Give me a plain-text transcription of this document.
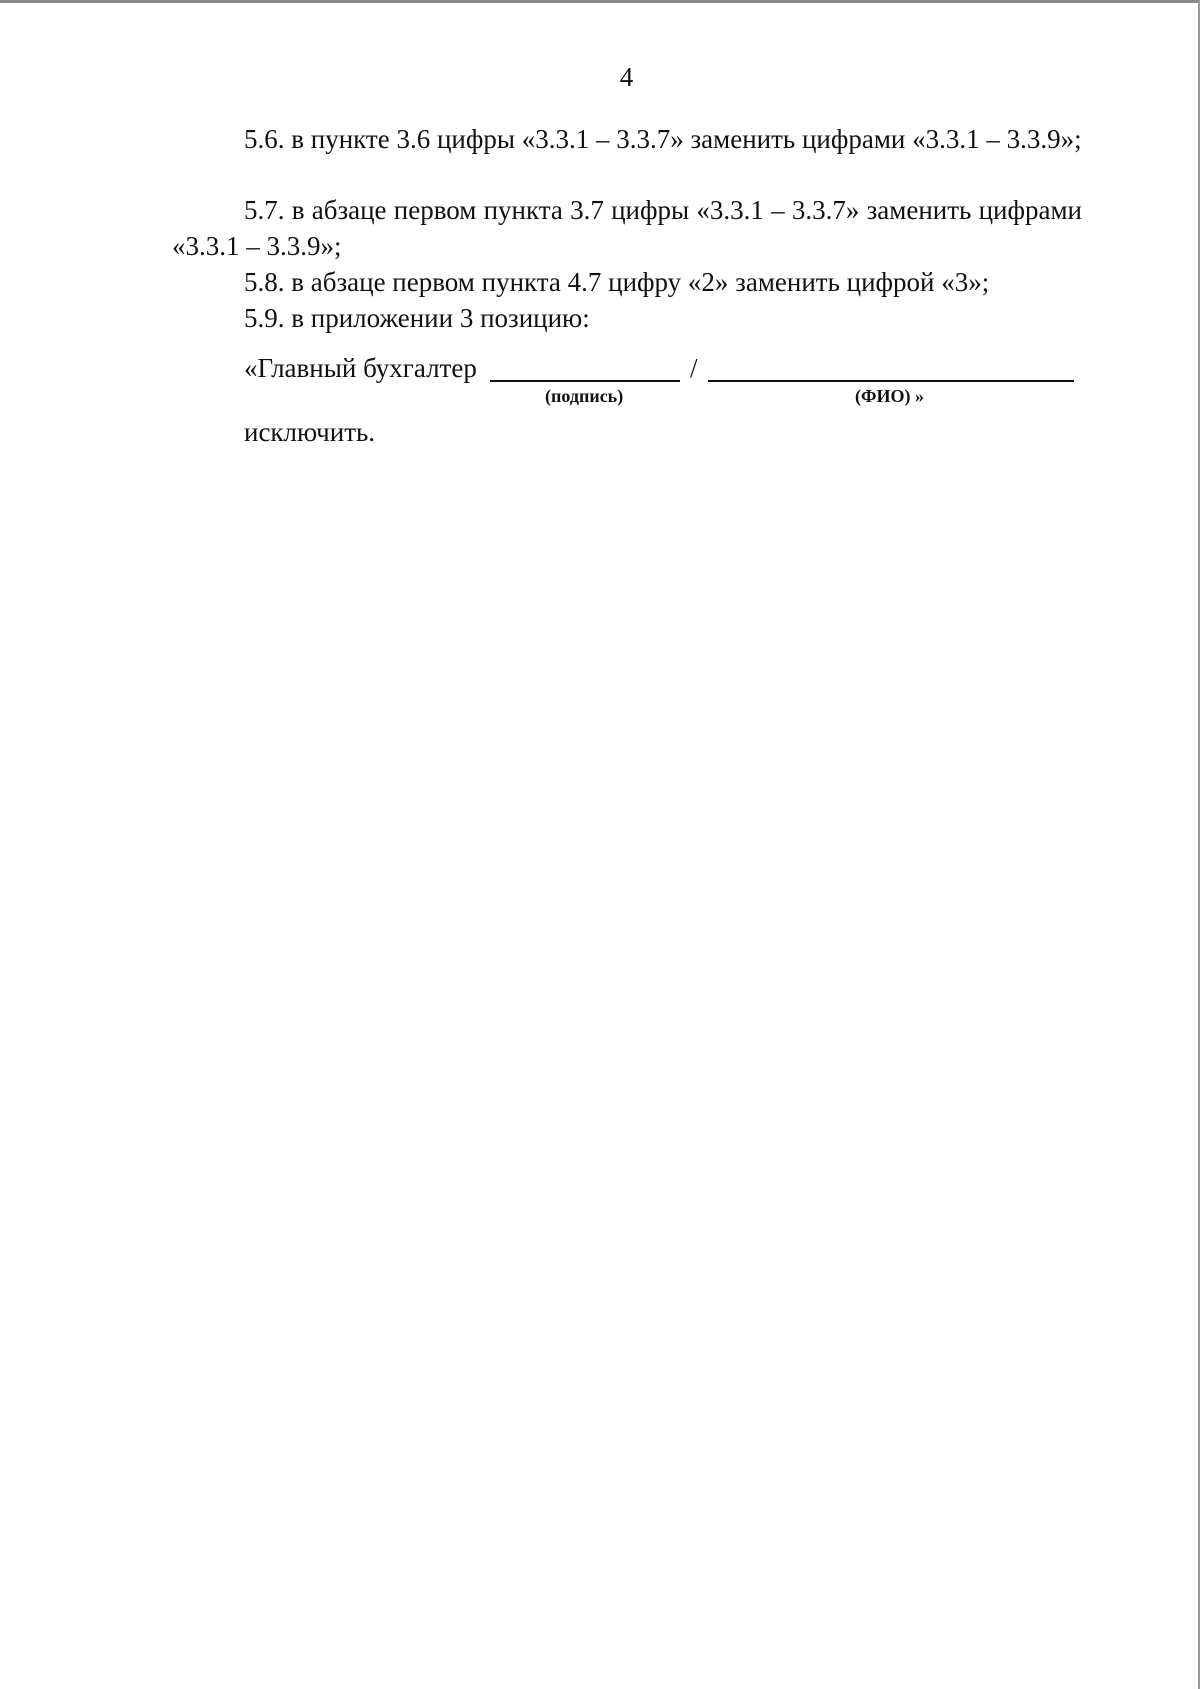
4

5.6. в пункте 3.6 цифры «3.3.1 – 3.3.7» заменить цифрами «3.3.1 – 3.3.9»;

5.7. в абзаце первом пункта 3.7 цифры «3.3.1 – 3.3.7» заменить цифрами «3.3.1 – 3.3.9»;

5.8. в абзаце первом пункта 4.7 цифру «2» заменить цифрой «3»;

5.9. в приложении 3 позицию:

«Главный бухгалтер	/
(подпись)	(ФИО) »
исключить.
